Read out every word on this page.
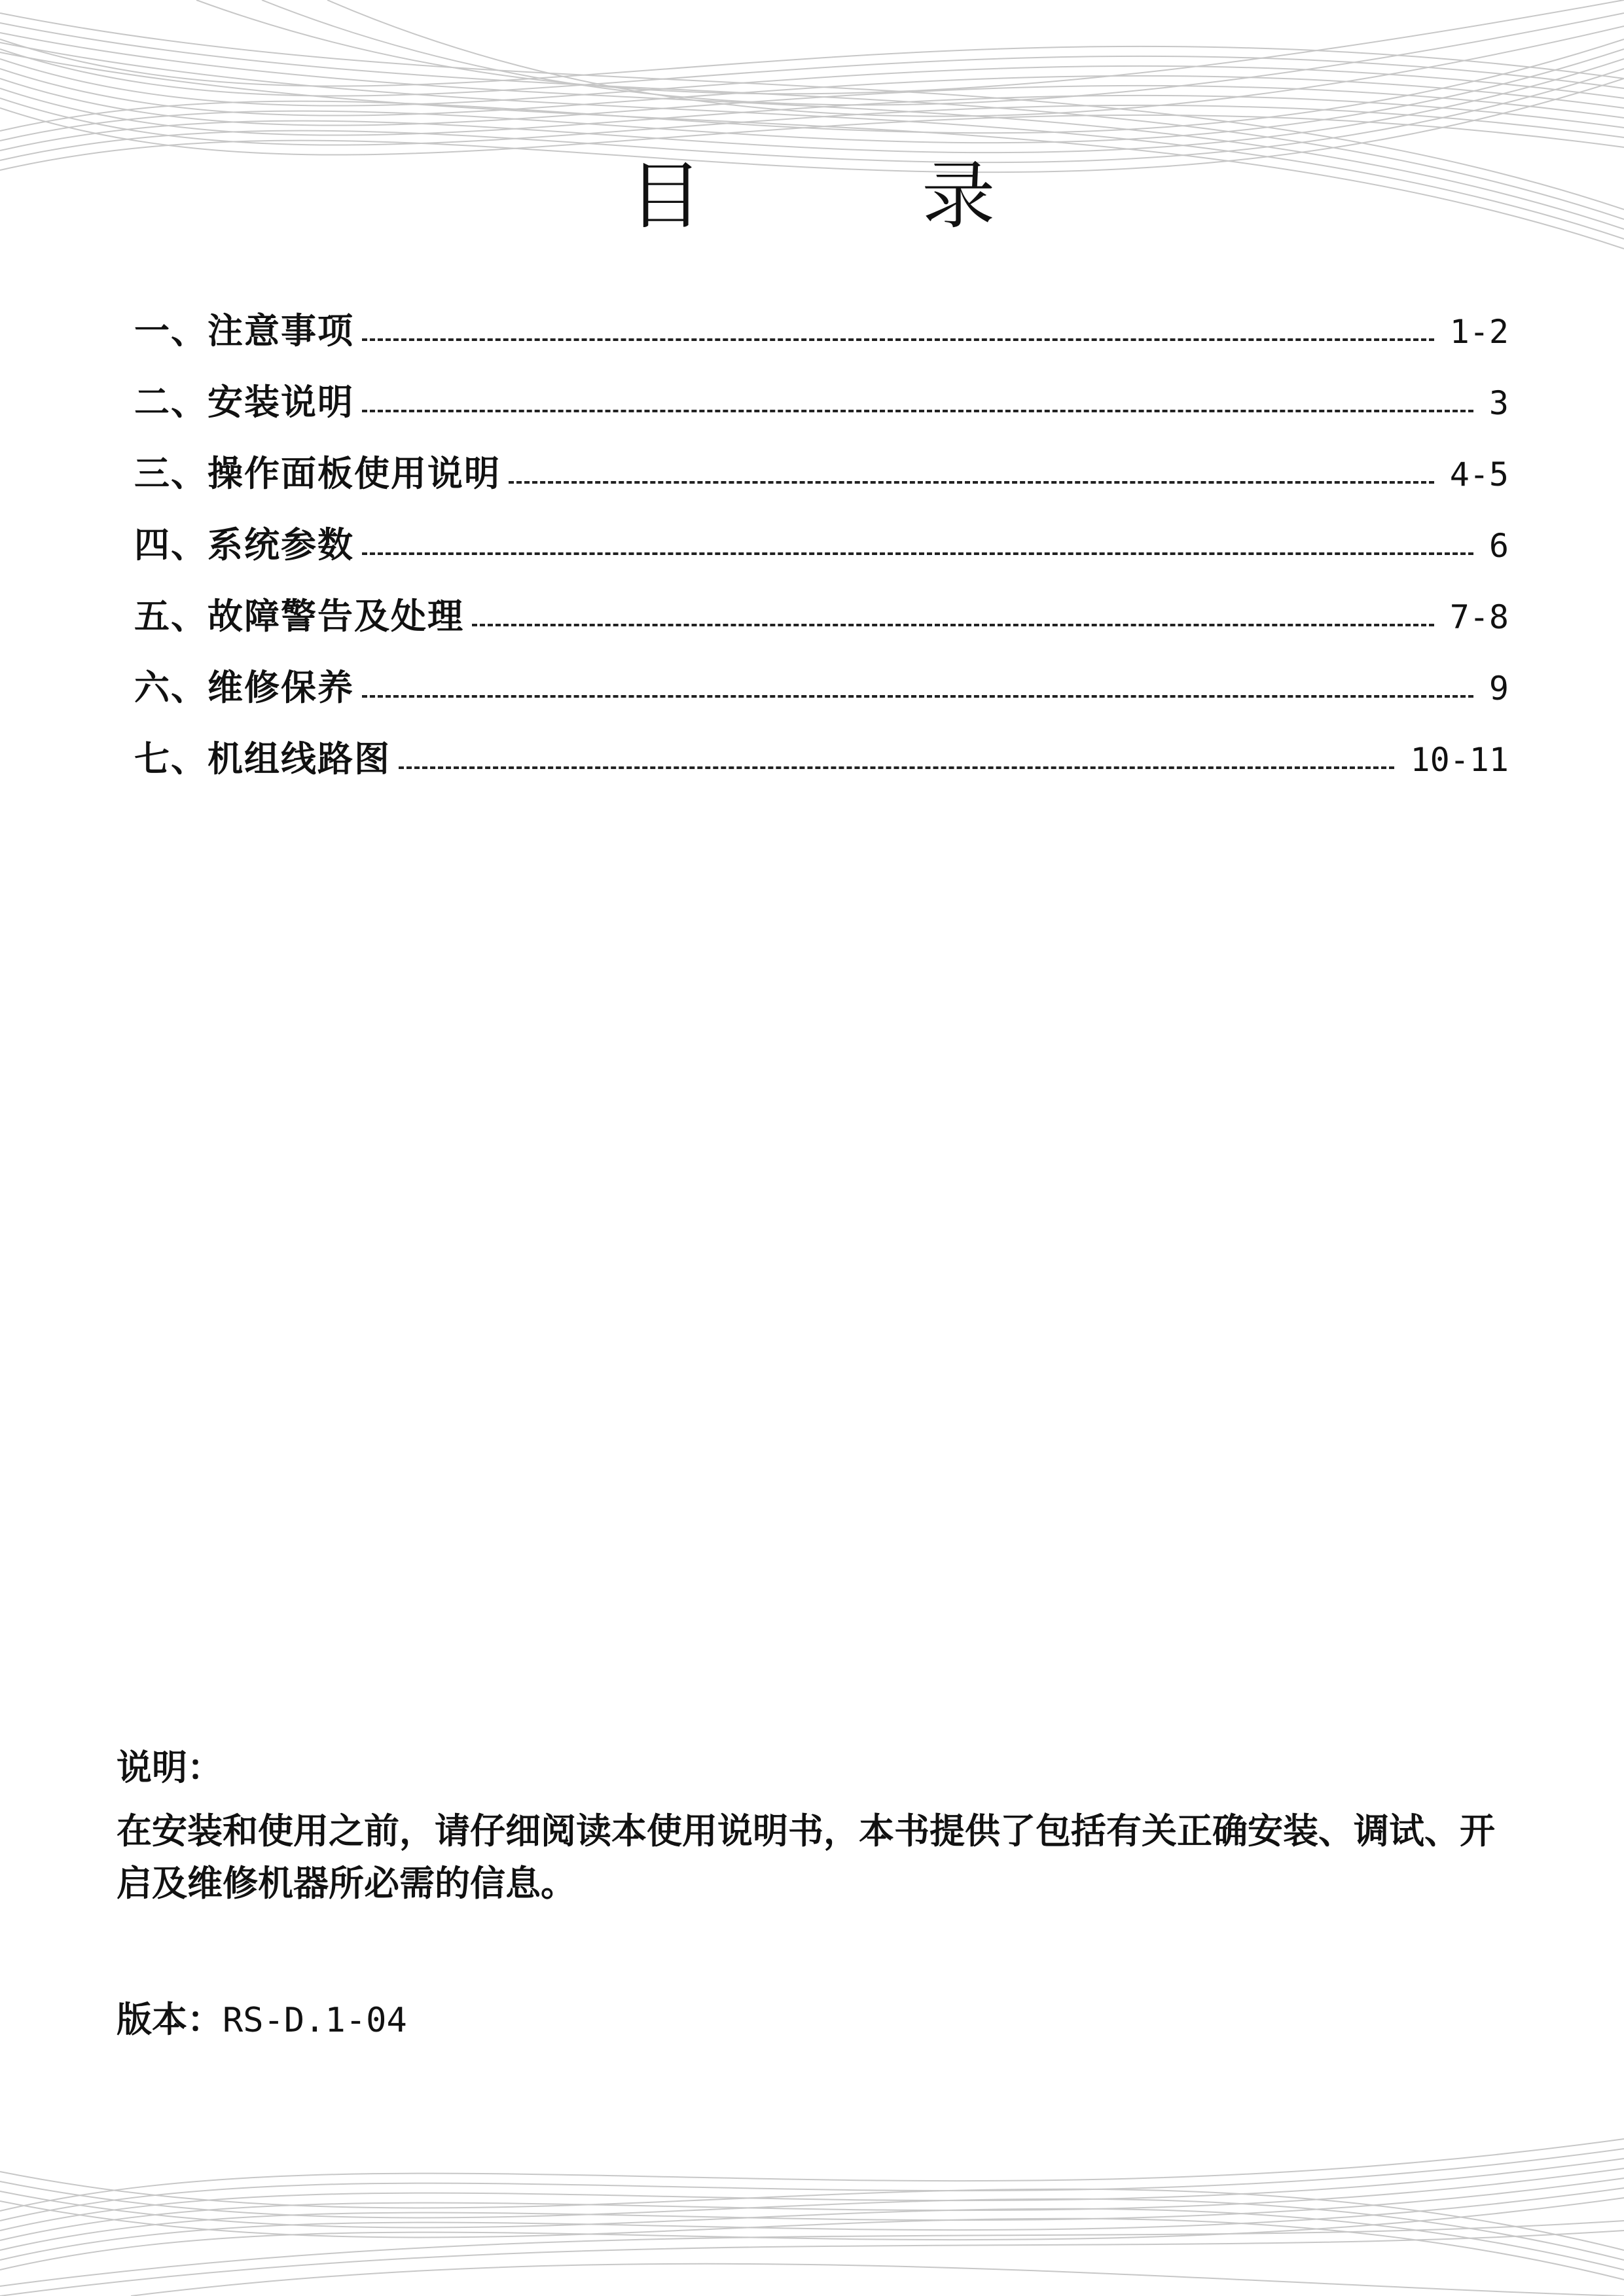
目 录
一、注意事项	1-2
二、安装说明	3
三、操作面板使用说明	4-5
四、系统参数	6
五、故障警告及处理	7-8
六、维修保养	9
七、机组线路图	10-11

说明：

在安装和使用之前，请仔细阅读本使用说明书，本书提供了包括有关正确安装、调试、开启及维修机器所必需的信息。

版本：RS-D.1-04
